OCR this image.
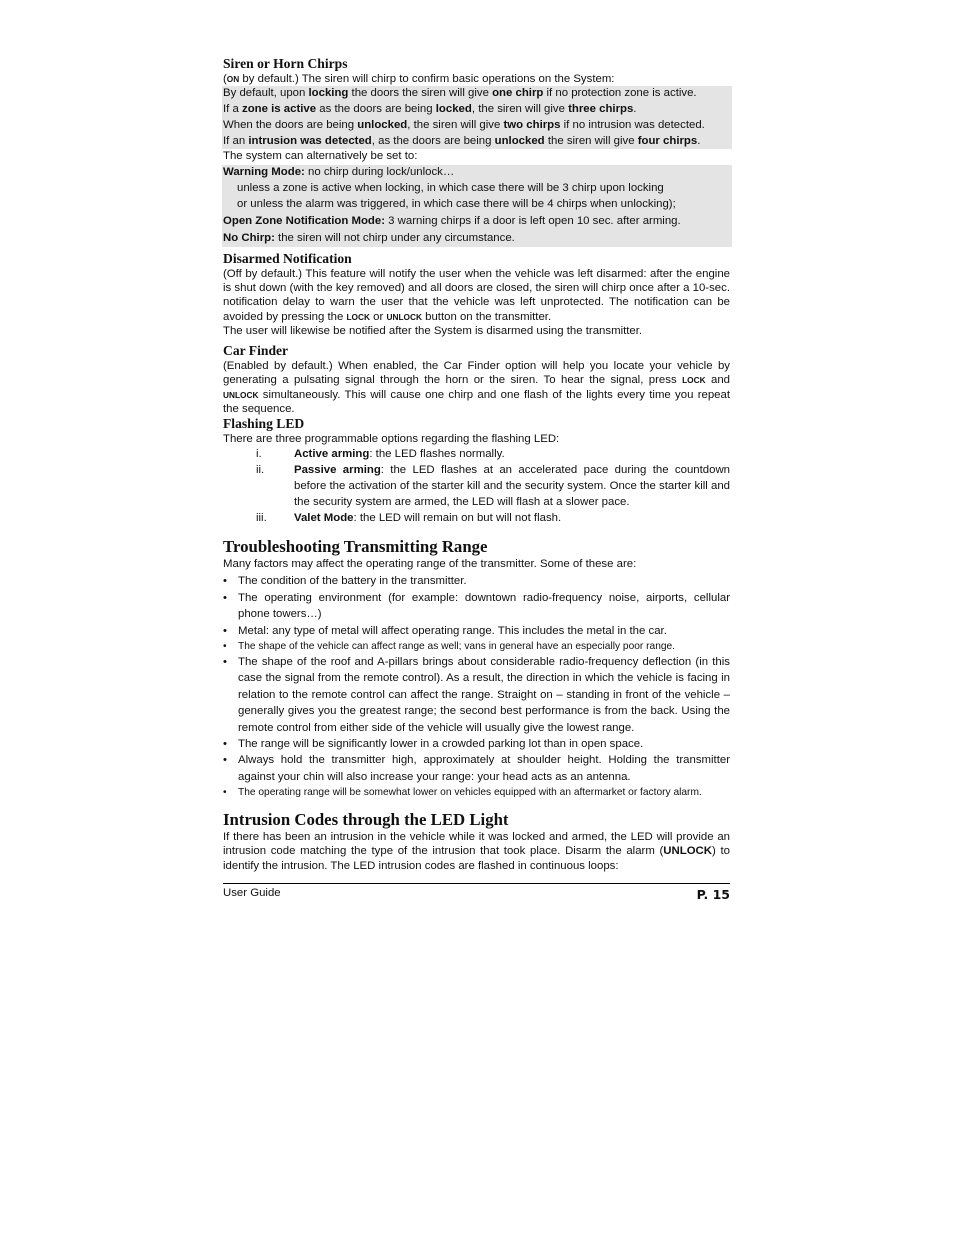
Siren or Horn Chirps

(ON by default.) The siren will chirp to confirm basic operations on the System:

By default, upon locking the doors the siren will give one chirp if no protection zone is active.
If a zone is active as the doors are being locked, the siren will give three chirps.
When the doors are being unlocked, the siren will give two chirps if no intrusion was detected.
If an intrusion was detected, as the doors are being unlocked the siren will give four chirps.
The system can alternatively be set to:
Warning Mode: no chirp during lock/unlock…
unless a zone is active when locking, in which case there will be 3 chirp upon locking
or unless the alarm was triggered, in which case there will be 4 chirps when unlocking);
Open Zone Notification Mode: 3 warning chirps if a door is left open 10 sec. after arming.
No Chirp: the siren will not chirp under any circumstance.
Disarmed Notification

(Off by default.) This feature will notify the user when the vehicle was left disarmed: after the engine is shut down (with the key removed) and all doors are closed, the siren will chirp once after a 10-sec. notification delay to warn the user that the vehicle was left unprotected. The notification can be avoided by pressing the LOCK or UNLOCK button on the transmitter.

The user will likewise be notified after the System is disarmed using the transmitter.

Car Finder

(Enabled by default.) When enabled, the Car Finder option will help you locate your vehicle by generating a pulsating signal through the horn or the siren. To hear the signal, press LOCK and UNLOCK simultaneously. This will cause one chirp and one flash of the lights every time you repeat the sequence.

Flashing LED

There are three programmable options regarding the flashing LED:

i.	Active arming: the LED flashes normally.
ii.	Passive arming: the LED flashes at an accelerated pace during the countdown before the activation of the starter kill and the security system. Once the starter kill and the security system are armed, the LED will flash at a slower pace.
iii.	Valet Mode: the LED will remain on but will not flash.
Troubleshooting Transmitting Range

Many factors may affect the operating range of the transmitter. Some of these are:

• The condition of the battery in the transmitter.
• The operating environment (for example: downtown radio-frequency noise, airports, cellular phone towers…)
• Metal: any type of metal will affect operating range. This includes the metal in the car.
•	The shape of the vehicle can affect range as well; vans in general have an especially poor range.
• The shape of the roof and A-pillars brings about considerable radio-frequency deflection (in this case the signal from the remote control). As a result, the direction in which the vehicle is facing in relation to the remote control can affect the range. Straight on – standing in front of the vehicle – generally gives you the greatest range; the second best performance is from the back. Using the remote control from either side of the vehicle will usually give the lowest range.
• The range will be significantly lower in a crowded parking lot than in open space.
• Always hold the transmitter high, approximately at shoulder height. Holding the transmitter against your chin will also increase your range: your head acts as an antenna.
•	The operating range will be somewhat lower on vehicles equipped with an aftermarket or factory alarm.
Intrusion Codes through the LED Light

If there has been an intrusion in the vehicle while it was locked and armed, the LED will provide an intrusion code matching the type of the intrusion that took place. Disarm the alarm (UNLOCK) to identify the intrusion. The LED intrusion codes are flashed in continuous loops:

User Guide	P. 15
